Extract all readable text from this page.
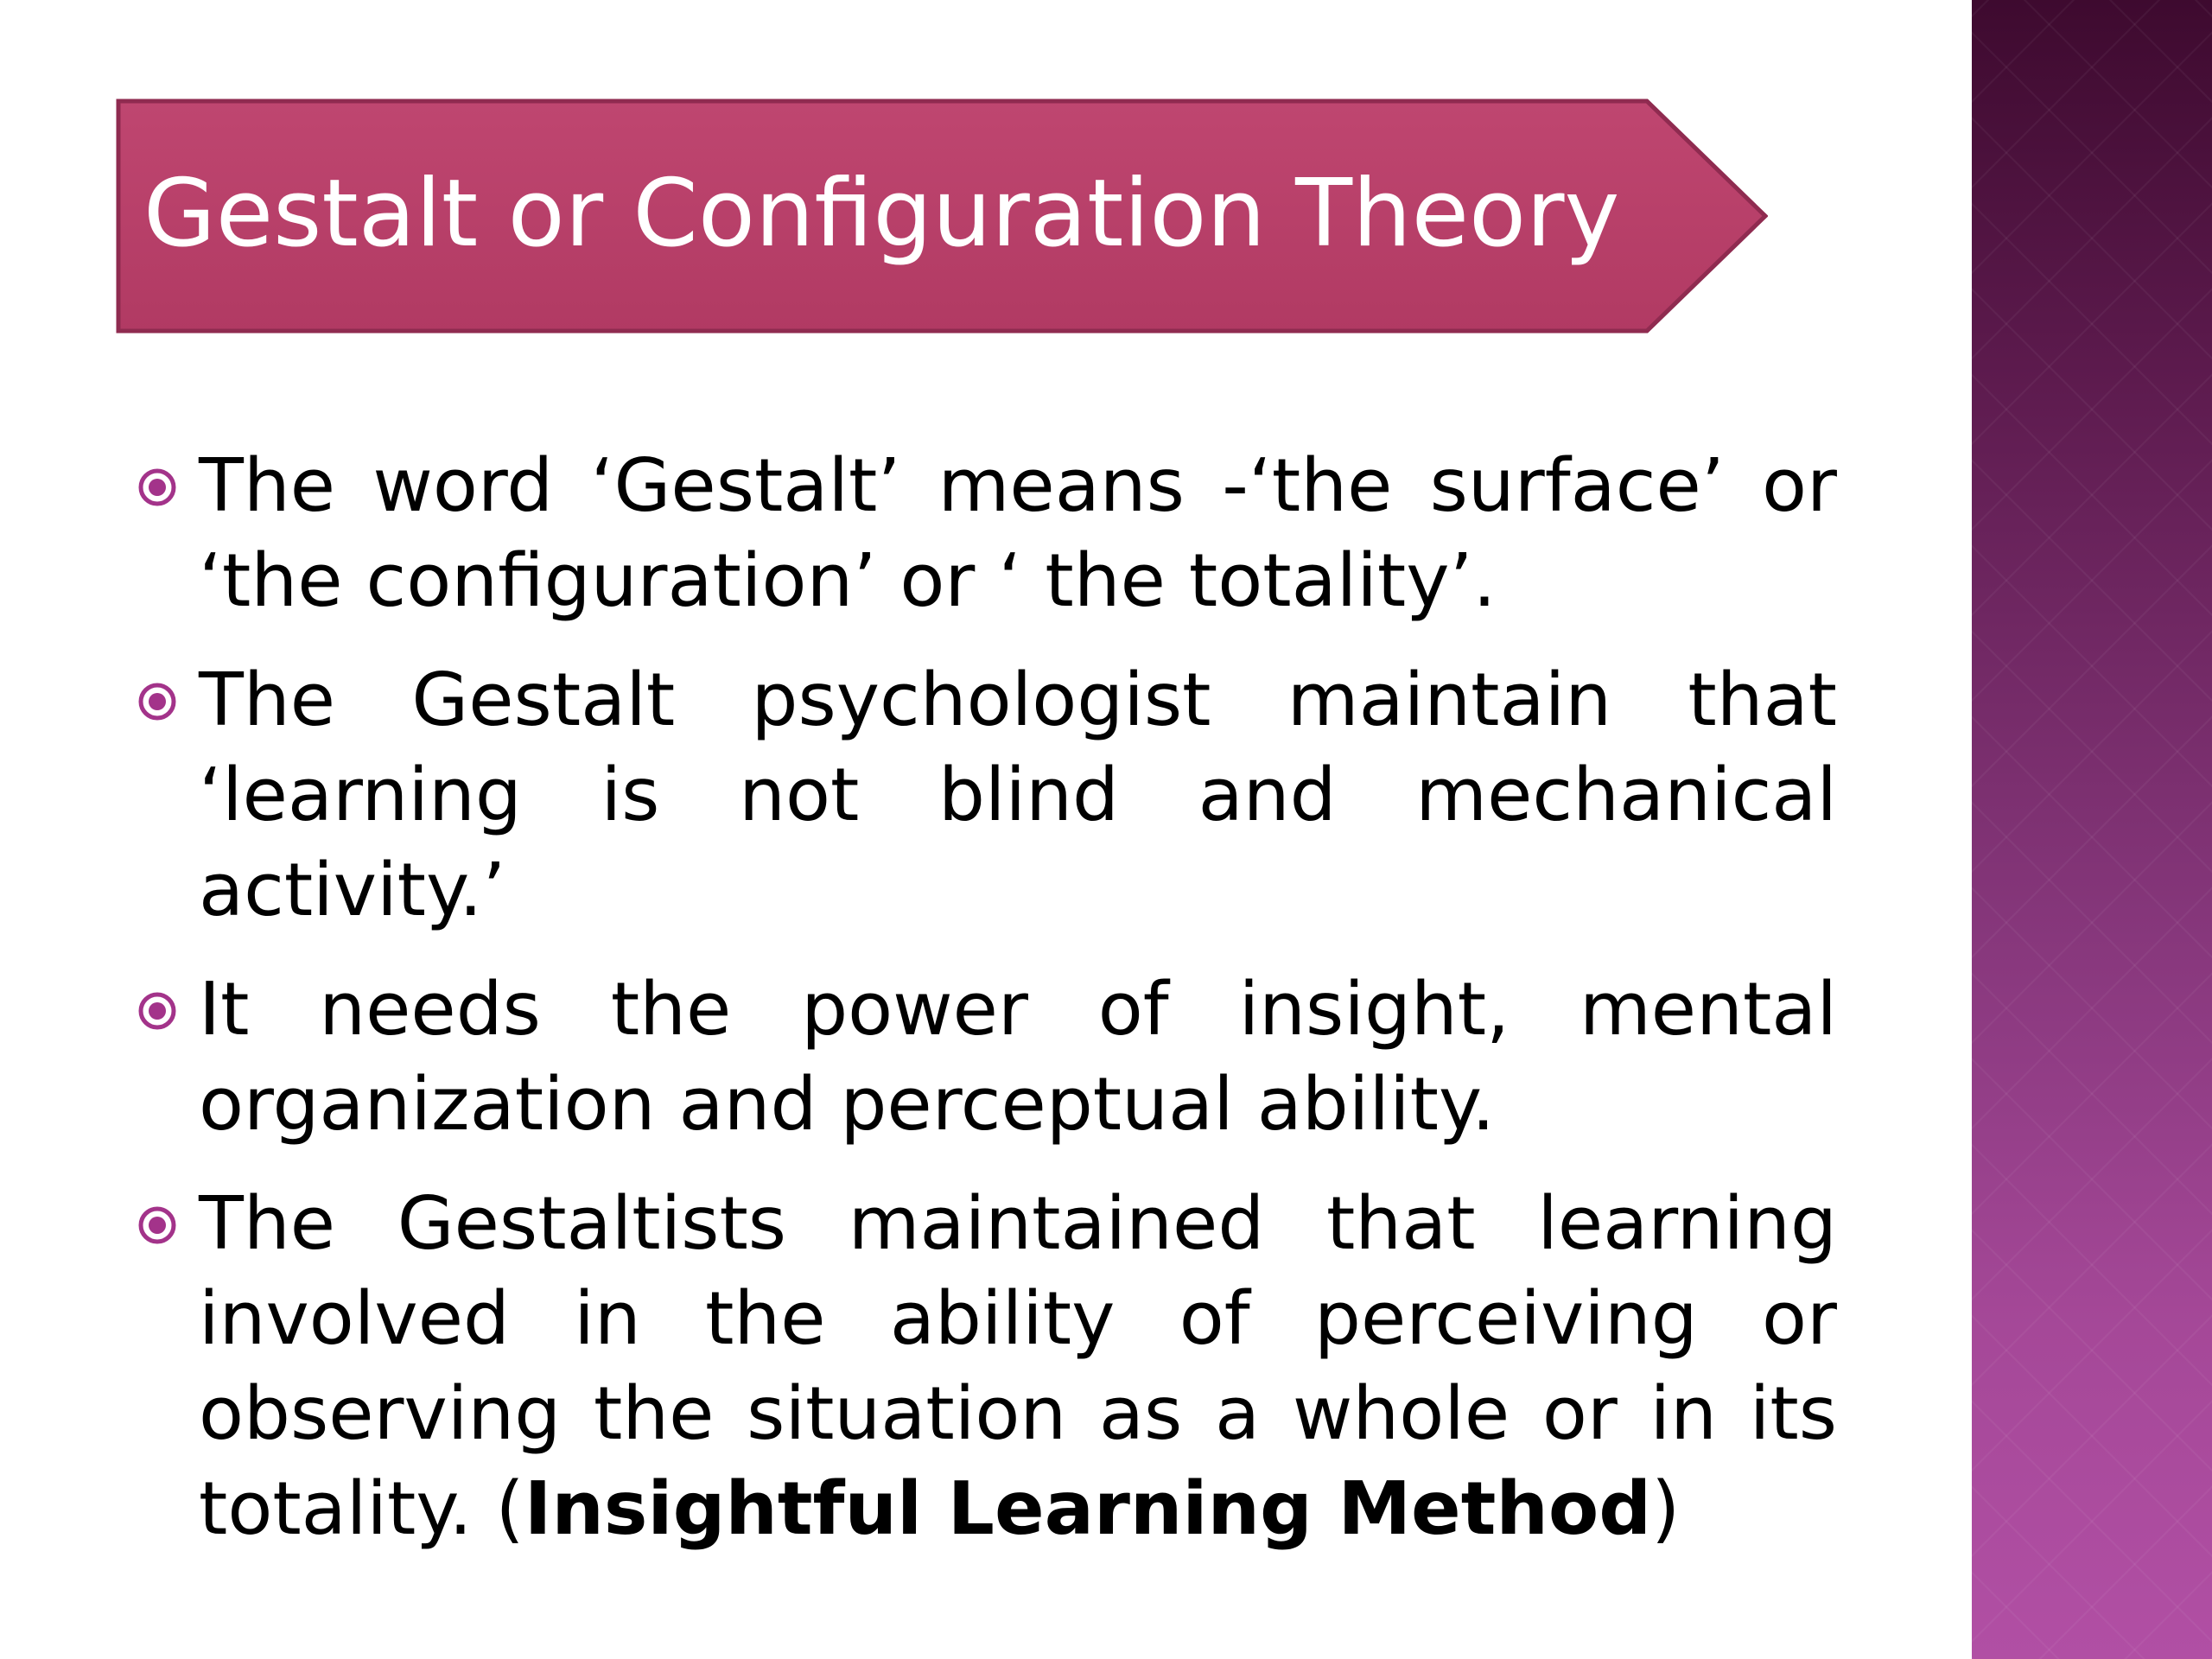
Gestalt or Configuration Theory
The word ‘Gestalt’ means -‘the surface’ or ‘the configuration’ or ‘ the totality’.
The Gestalt psychologist maintain that ‘learning is not blind and mechanical activity.’
It needs the power of insight, mental organization and perceptual ability.
The Gestaltists maintained that learning involved in the ability of perceiving or observing the situation as a whole or in its totality. (Insightful Learning Method)
